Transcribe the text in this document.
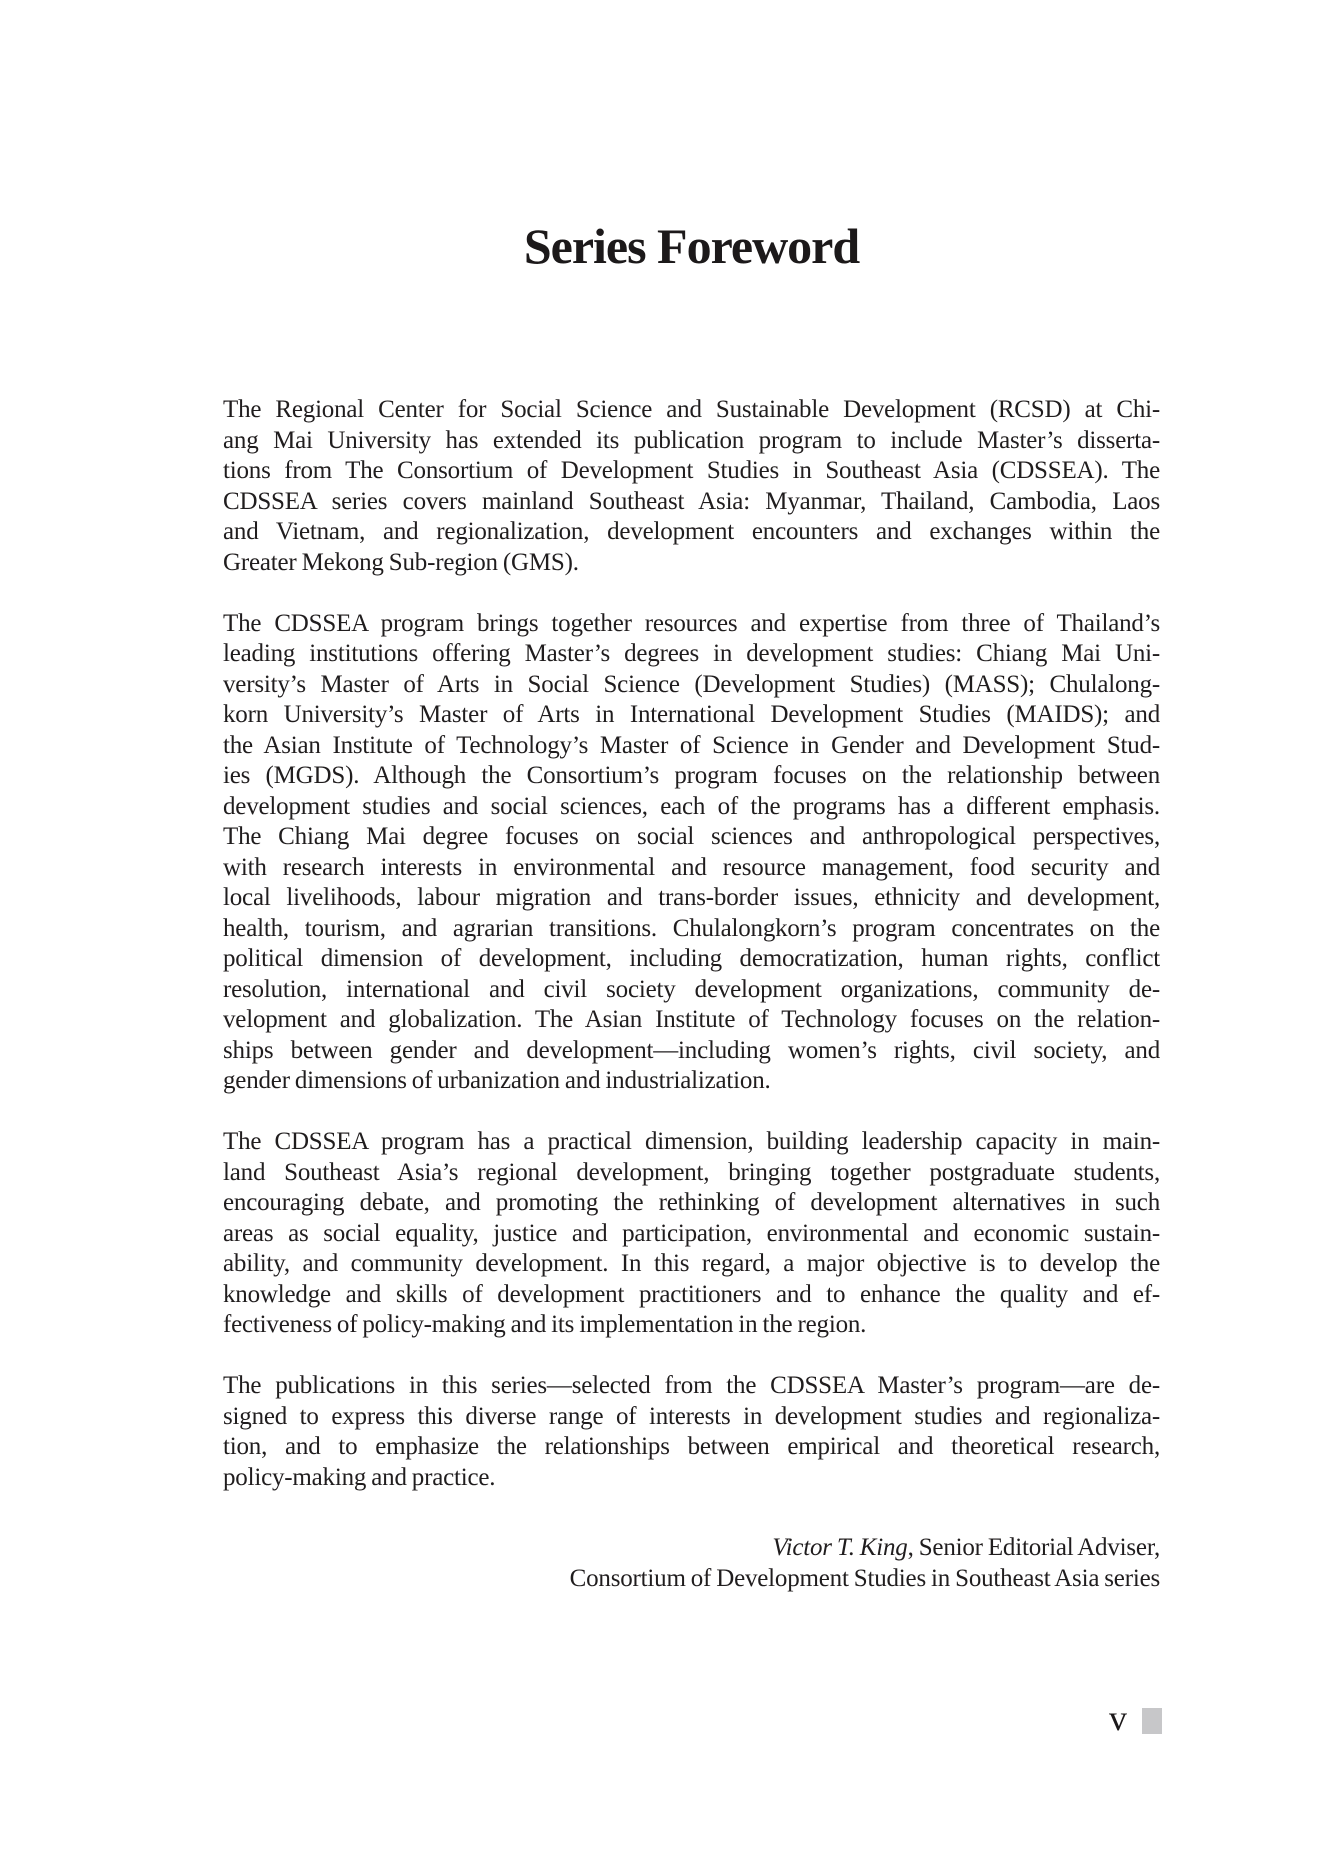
Series Foreword
The Regional Center for Social Science and Sustainable Development (RCSD) at Chi-
ang Mai University has extended its publication program to include Master’s disserta-
tions from The Consortium of Development Studies in Southeast Asia (CDSSEA). The
CDSSEA series covers mainland Southeast Asia: Myanmar, Thailand, Cambodia, Laos
and Vietnam, and regionalization, development encounters and exchanges within the
Greater Mekong Sub-region (GMS).
The CDSSEA program brings together resources and expertise from three of Thailand’s
leading institutions offering Master’s degrees in development studies: Chiang Mai Uni-
versity’s Master of Arts in Social Science (Development Studies) (MASS); Chulalong-
korn University’s Master of Arts in International Development Studies (MAIDS); and
the Asian Institute of Technology’s Master of Science in Gender and Development Stud-
ies (MGDS). Although the Consortium’s program focuses on the relationship between
development studies and social sciences, each of the programs has a different emphasis.
The Chiang Mai degree focuses on social sciences and anthropological perspectives,
with research interests in environmental and resource management, food security and
local livelihoods, labour migration and trans-border issues, ethnicity and development,
health, tourism, and agrarian transitions. Chulalongkorn’s program concentrates on the
political dimension of development, including democratization, human rights, conflict
resolution, international and civil society development organizations, community de-
velopment and globalization. The Asian Institute of Technology focuses on the relation-
ships between gender and development—including women’s rights, civil society, and
gender dimensions of urbanization and industrialization.
The CDSSEA program has a practical dimension, building leadership capacity in main-
land Southeast Asia’s regional development, bringing together postgraduate students,
encouraging debate, and promoting the rethinking of development alternatives in such
areas as social equality, justice and participation, environmental and economic sustain-
ability, and community development. In this regard, a major objective is to develop the
knowledge and skills of development practitioners and to enhance the quality and ef-
fectiveness of policy-making and its implementation in the region.
The publications in this series—selected from the CDSSEA Master’s program—are de-
signed to express this diverse range of interests in development studies and regionaliza-
tion, and to emphasize the relationships between empirical and theoretical research,
policy-making and practice.
Victor T. King, Senior Editorial Adviser,
Consortium of Development Studies in Southeast Asia series
v
